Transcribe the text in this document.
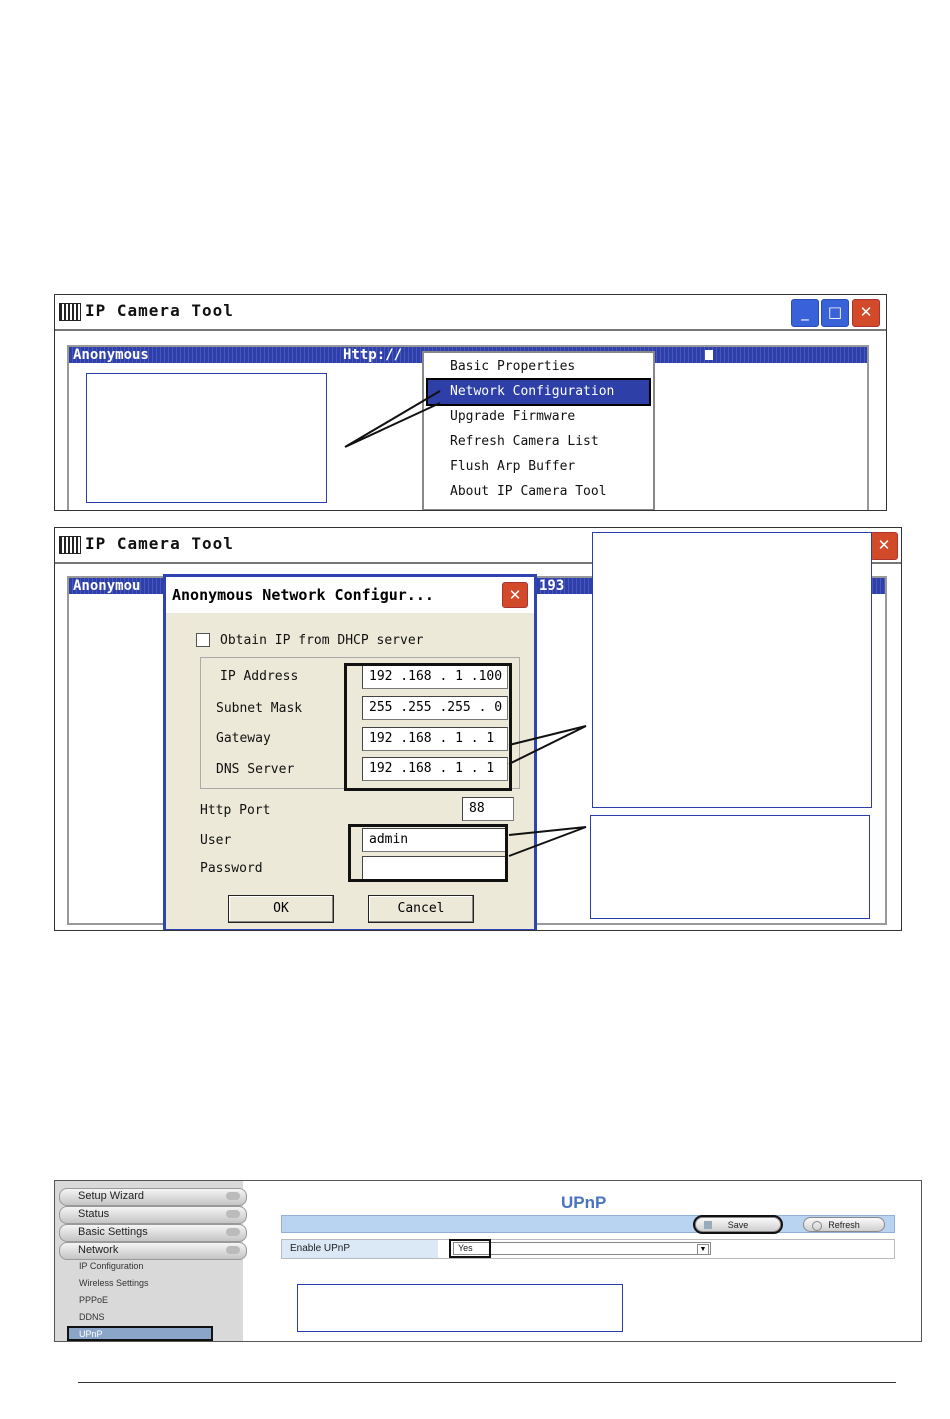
IP Camera Tool	_	□	✕
Anonymous	Http://
Basic Properties
Network Configuration
Upgrade Firmware
Refresh Camera List
Flush Arp Buffer
About IP Camera Tool
IP Camera Tool	✕
Anonymou	193
Anonymous Network Configur...	✕
Obtain IP from DHCP server
IP Address	192 .168 . 1 .100
Subnet Mask	255 .255 .255 . 0
Gateway	192 .168 . 1 . 1
DNS Server	192 .168 . 1 . 1
Http Port	88
User	admin
Password
OK	Cancel
Setup Wizard
Status
Basic Settings
Network
IP Configuration
Wireless Settings
PPPoE
DDNS
UPnP
UPnP
Save	Refresh
Enable UPnP	Yes	▼
